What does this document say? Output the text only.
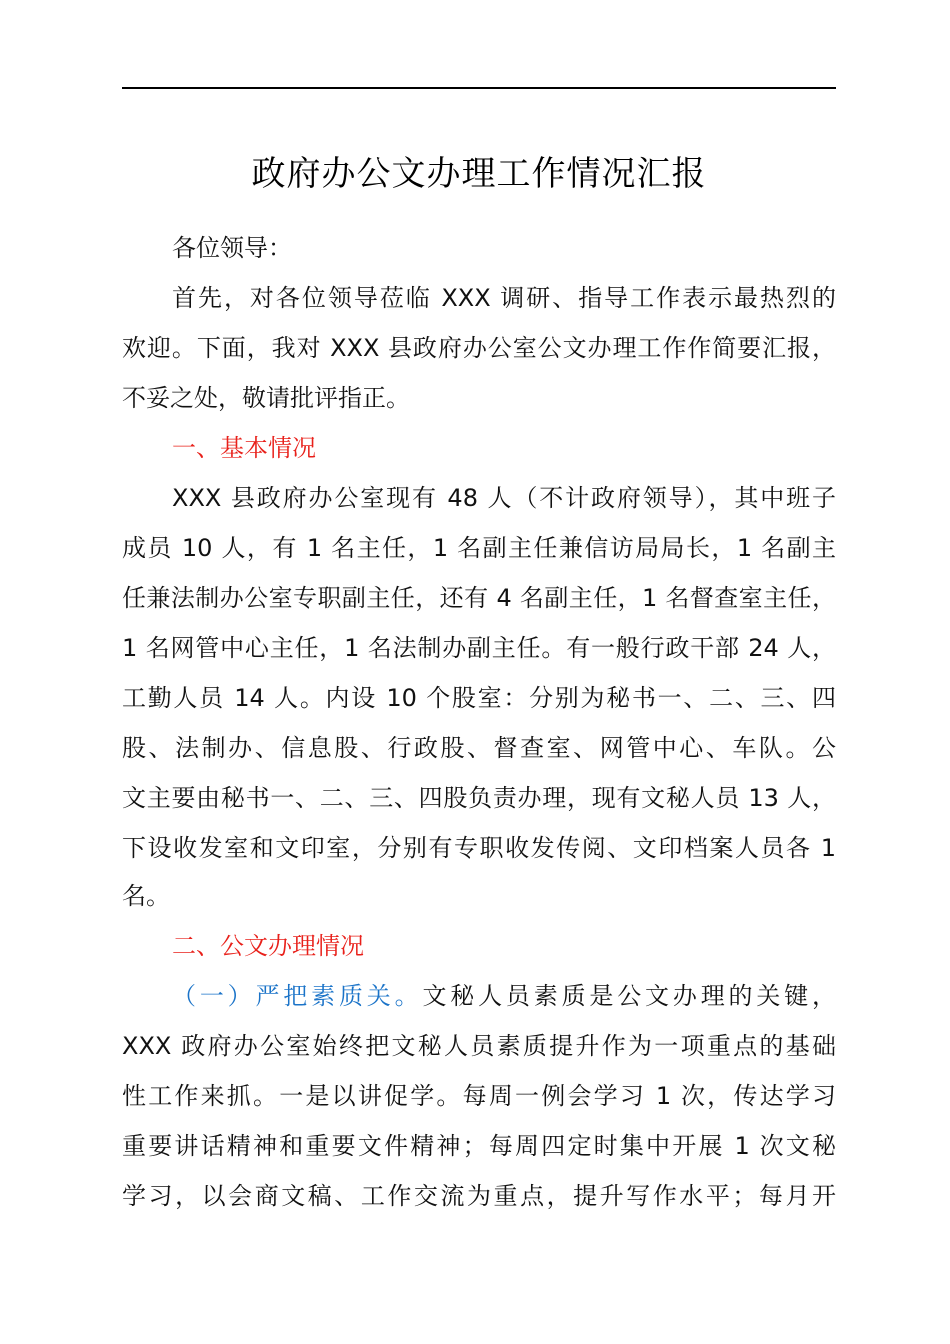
政府办公文办理工作情况汇报
各位领导：
首先，对各位领导莅临 XXX 调研、指导工作表示最热烈的
欢迎。下面，我对 XXX 县政府办公室公文办理工作作简要汇报，
不妥之处，敬请批评指正。
一、基本情况
XXX 县政府办公室现有 48 人（不计政府领导），其中班子
成员 10 人，有 1 名主任，1 名副主任兼信访局局长，1 名副主
任兼法制办公室专职副主任，还有 4 名副主任，1 名督查室主任，
1 名网管中心主任，1 名法制办副主任。有一般行政干部 24 人，
工勤人员 14 人。内设 10 个股室：分别为秘书一、二、三、四
股、法制办、信息股、行政股、督查室、网管中心、车队。公
文主要由秘书一、二、三、四股负责办理，现有文秘人员 13 人，
下设收发室和文印室，分别有专职收发传阅、文印档案人员各 1
名。
二、公文办理情况
（一）严把素质关。文秘人员素质是公文办理的关键，
XXX 政府办公室始终把文秘人员素质提升作为一项重点的基础
性工作来抓。一是以讲促学。每周一例会学习 1 次，传达学习
重要讲话精神和重要文件精神；每周四定时集中开展 1 次文秘
学习，以会商文稿、工作交流为重点，提升写作水平；每月开
